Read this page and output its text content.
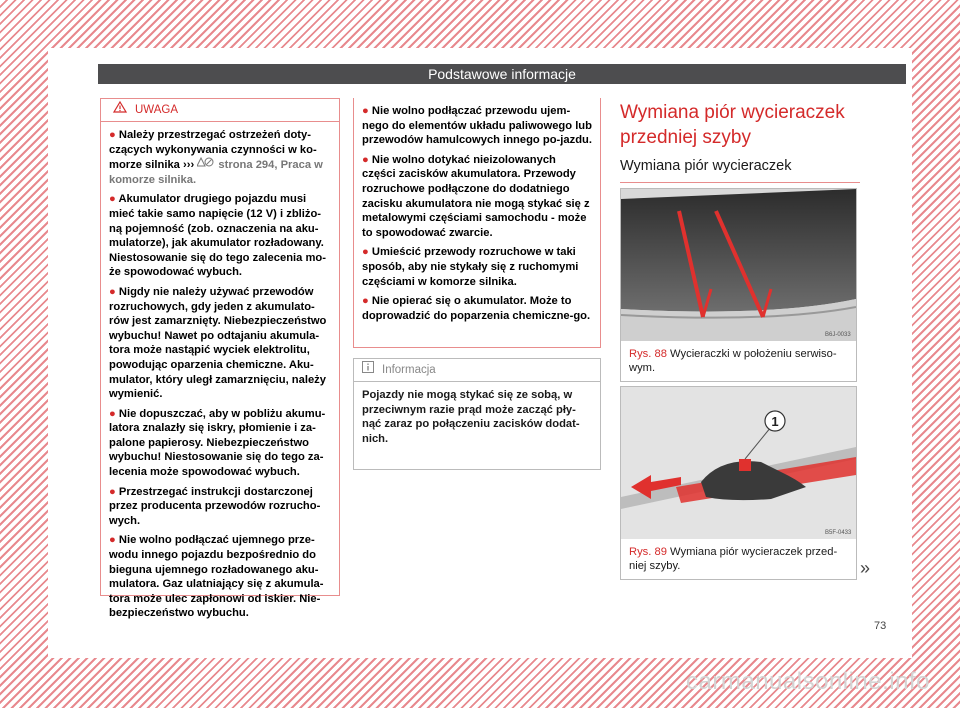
Podstawowe informacje
UWAGA

● Należy przestrzegać ostrzeżeń doty-czących wykonywania czynności w ko-morze silnika ››› strona 294, Praca w komorze silnika.

● Akumulator drugiego pojazdu musi mieć takie samo napięcie (12 V) i zbliżo-ną pojemność (zob. oznaczenia na aku-mulatorze), jak akumulator rozładowany. Niestosowanie się do tego zalecenia mo-że spowodować wybuch.

● Nigdy nie należy używać przewodów rozruchowych, gdy jeden z akumulato-rów jest zamarznięty. Niebezpieczeństwo wybuchu! Nawet po odtajaniu akumula-tora może nastąpić wyciek elektrolitu, powodując oparzenia chemiczne. Aku-mulator, który uległ zamarznięciu, należy wymienić.

● Nie dopuszczać, aby w pobliżu akumu-latora znalazły się iskry, płomienie i za-palone papierosy. Niebezpieczeństwo wybuchu! Niestosowanie się do tego za-lecenia może spowodować wybuch.

● Przestrzegać instrukcji dostarczonej przez producenta przewodów rozrucho-wych.

● Nie wolno podłączać ujemnego prze-wodu innego pojazdu bezpośrednio do bieguna ujemnego rozładowanego aku-mulatora. Gaz ulatniający się z akumula-tora może ulec zapłonowi od iskier. Nie-bezpieczeństwo wybuchu.

● Nie wolno podłączać przewodu ujem-nego do elementów układu paliwowego lub przewodów hamulcowych innego po-jazdu.

● Nie wolno dotykać nieizolowanych części zacisków akumulatora. Przewody rozruchowe podłączone do dodatniego zacisku akumulatora nie mogą stykać się z metalowymi częściami samochodu - może to spowodować zwarcie.

● Umieścić przewody rozruchowe w taki sposób, aby nie stykały się z ruchomymi częściami w komorze silnika.

● Nie opierać się o akumulator. Może to doprowadzić do poparzenia chemiczne-go.

Informacja
Pojazdy nie mogą stykać się ze sobą, w przeciwnym razie prąd może zacząć pły-nąć zaraz po połączeniu zacisków dodat-nich.
Wymiana piór wycieraczek przedniej szyby
Wymiana piór wycieraczek
B6J-0033
Rys. 88 Wycieraczki w położeniu serwiso-wym.
1
B5F-0433
Rys. 89 Wymiana piór wycieraczek przed-niej szyby.	»
73
carmanualsonline.info
